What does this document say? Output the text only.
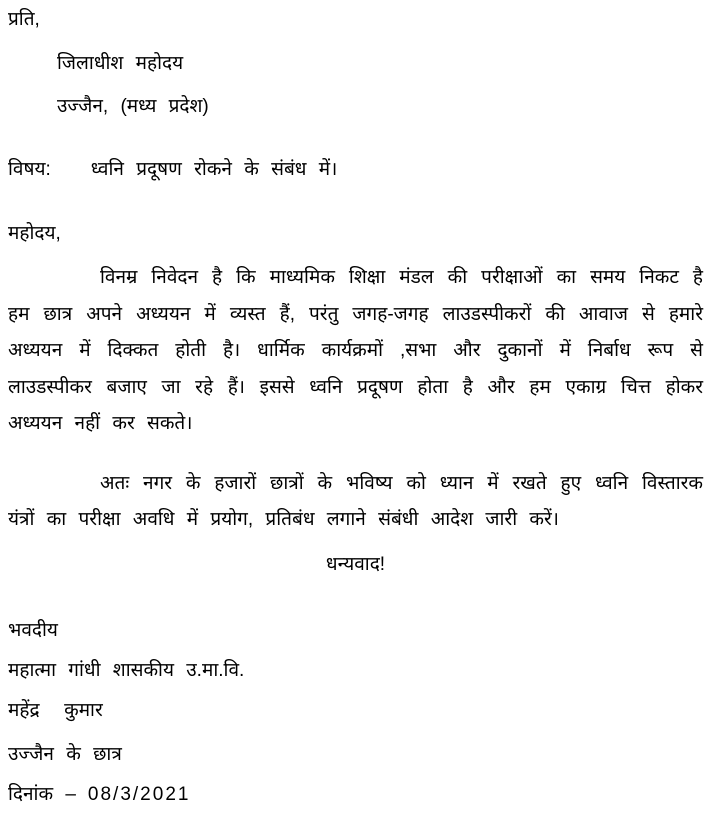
प्रति,
जिलाधीश महोदय
उज्जैन, (मध्य प्रदेश)
विषय: ध्वनि प्रदूषण रोकने के संबंध में।
महोदय,

विनम्र निवेदन है कि माध्यमिक शिक्षा मंडल की परीक्षाओं का समय निकट है हम छात्र अपने अध्ययन में व्यस्त हैं, परंतु जगह-जगह लाउडस्पीकरों की आवाज से हमारे अध्ययन में दिक्कत होती है। धार्मिक कार्यक्रमों ,सभा और दुकानों में निर्बाध रूप से लाउडस्पीकर बजाए जा रहे हैं। इससे ध्वनि प्रदूषण होता है और हम एकाग्र चित्त होकर अध्ययन नहीं कर सकते।

अतः नगर के हजारों छात्रों के भविष्य को ध्यान में रखते हुए ध्वनि विस्तारक यंत्रों का परीक्षा अवधि में प्रयोग, प्रतिबंध लगाने संबंधी आदेश जारी करें।

धन्यवाद!
भवदीय
महात्मा गांधी शासकीय उ.मा.वि.
महेंद्र  कुमार
उज्जैन के छात्र
दिनांक – 08/3/2021
